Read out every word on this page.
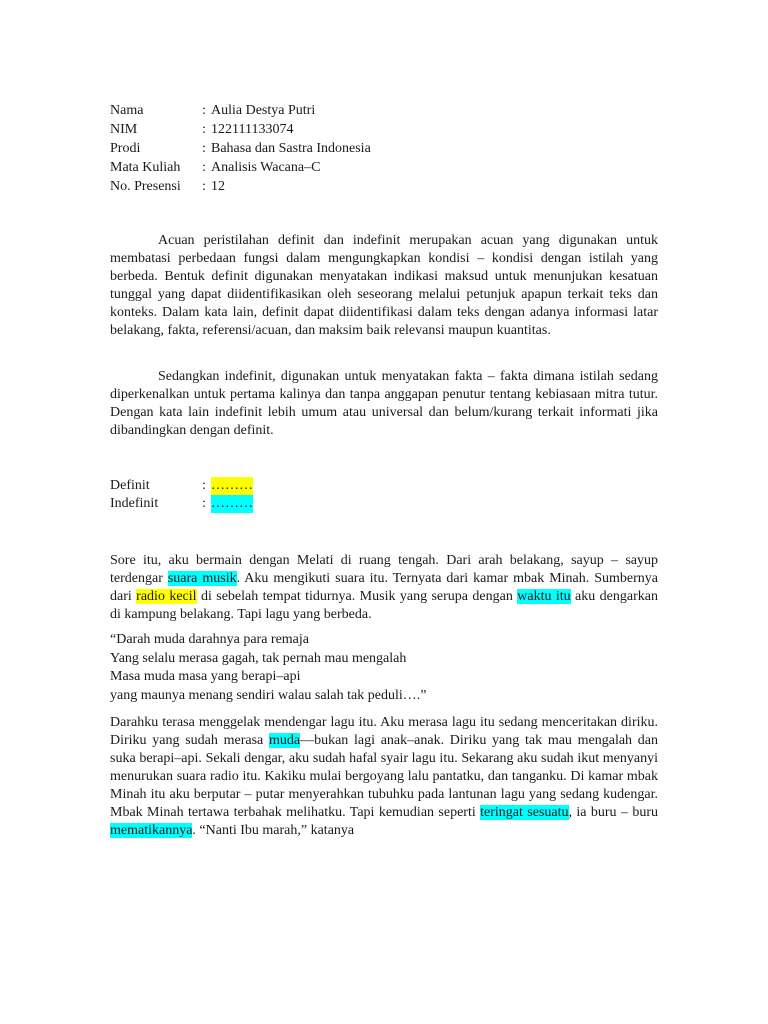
Nama	: Aulia Destya Putri
NIM	: 122111133074
Prodi	: Bahasa dan Sastra Indonesia
Mata Kuliah	: Analisis Wacana–C
No. Presensi	: 12

Acuan peristilahan definit dan indefinit merupakan acuan yang digunakan untuk membatasi perbedaan fungsi dalam mengungkapkan kondisi – kondisi dengan istilah yang berbeda. Bentuk definit digunakan menyatakan indikasi maksud untuk menunjukan kesatuan tunggal yang dapat diidentifikasikan oleh seseorang melalui petunjuk apapun terkait teks dan konteks. Dalam kata lain, definit dapat diidentifikasi dalam teks dengan adanya informasi latar belakang, fakta, referensi/acuan, dan maksim baik relevansi maupun kuantitas.

Sedangkan indefinit, digunakan untuk menyatakan fakta – fakta dimana istilah sedang diperkenalkan untuk pertama kalinya dan tanpa anggapan penutur tentang kebiasaan mitra tutur. Dengan kata lain indefinit lebih umum atau universal dan belum/kurang terkait informati jika dibandingkan dengan definit.

Definit	: ………
Indefinit	: ………

Sore itu, aku bermain dengan Melati di ruang tengah. Dari arah belakang, sayup – sayup terdengar suara musik. Aku mengikuti suara itu. Ternyata dari kamar mbak Minah. Sumbernya dari radio kecil di sebelah tempat tidurnya. Musik yang serupa dengan waktu itu aku dengarkan di kampung belakang. Tapi lagu yang berbeda.

“Darah muda darahnya para remaja
Yang selalu merasa gagah, tak pernah mau mengalah
Masa muda masa yang berapi–api
yang maunya menang sendiri walau salah tak peduli….”

Darahku terasa menggelak mendengar lagu itu. Aku merasa lagu itu sedang menceritakan diriku. Diriku yang sudah merasa muda—bukan lagi anak–anak. Diriku yang tak mau mengalah dan suka berapi–api. Sekali dengar, aku sudah hafal syair lagu itu. Sekarang aku sudah ikut menyanyi menurukan suara radio itu. Kakiku mulai bergoyang lalu pantatku, dan tanganku. Di kamar mbak Minah itu aku berputar – putar menyerahkan tubuhku pada lantunan lagu yang sedang kudengar. Mbak Minah tertawa terbahak melihatku. Tapi kemudian seperti teringat sesuatu, ia buru – buru mematikannya. “Nanti Ibu marah,” katanya
